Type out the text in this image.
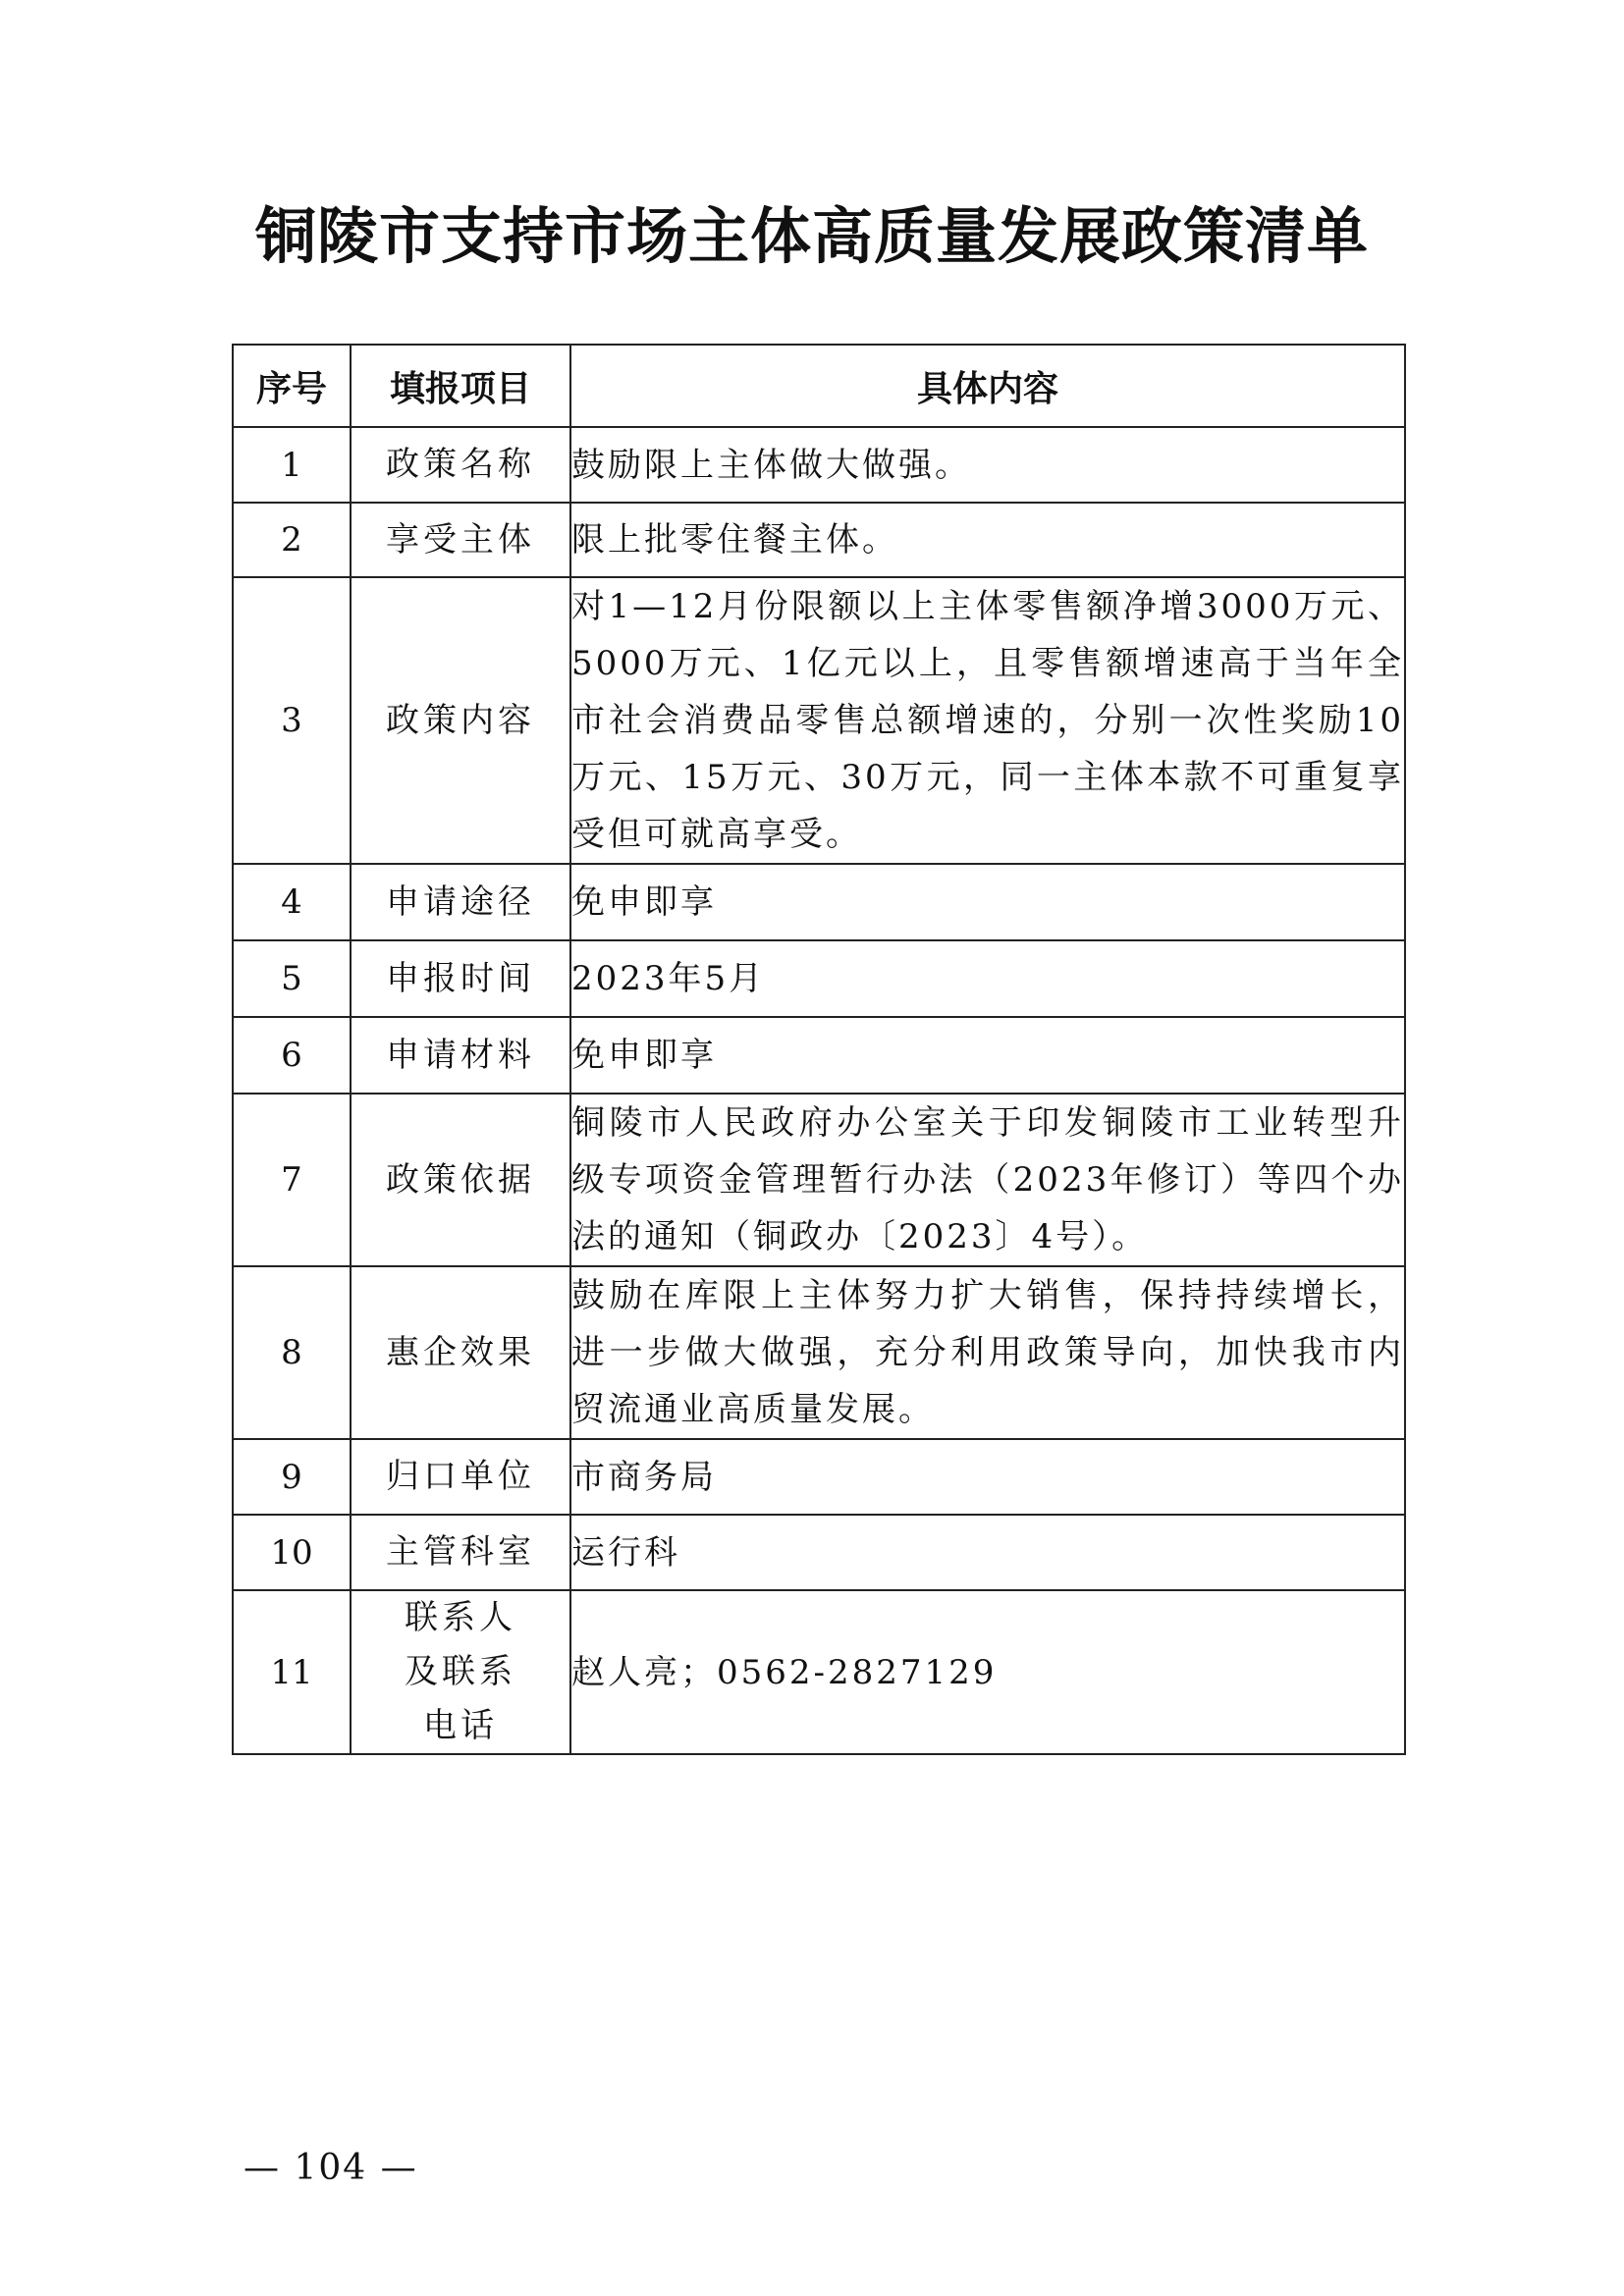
铜陵市支持市场主体高质量发展政策清单
序号	填报项目	具体内容
1	政策名称	鼓励限上主体做大做强。
2	享受主体	限上批零住餐主体。
3	政策内容	对1—12月份限额以上主体零售额净增3000万元、5000万元、1亿元以上，且零售额增速高于当年全市社会消费品零售总额增速的，分别一次性奖励10万元、15万元、30万元，同一主体本款不可重复享受但可就高享受。
4	申请途径	免申即享
5	申报时间	2023年5月
6	申请材料	免申即享
7	政策依据	铜陵市人民政府办公室关于印发铜陵市工业转型升级专项资金管理暂行办法（2023年修订）等四个办法的通知（铜政办〔2023〕4号）。
8	惠企效果	鼓励在库限上主体努力扩大销售，保持持续增长，进一步做大做强，充分利用政策导向，加快我市内贸流通业高质量发展。
9	归口单位	市商务局
10	主管科室	运行科
11	联系人及联系电话	赵人亮；0562-2827129
— 104 —
